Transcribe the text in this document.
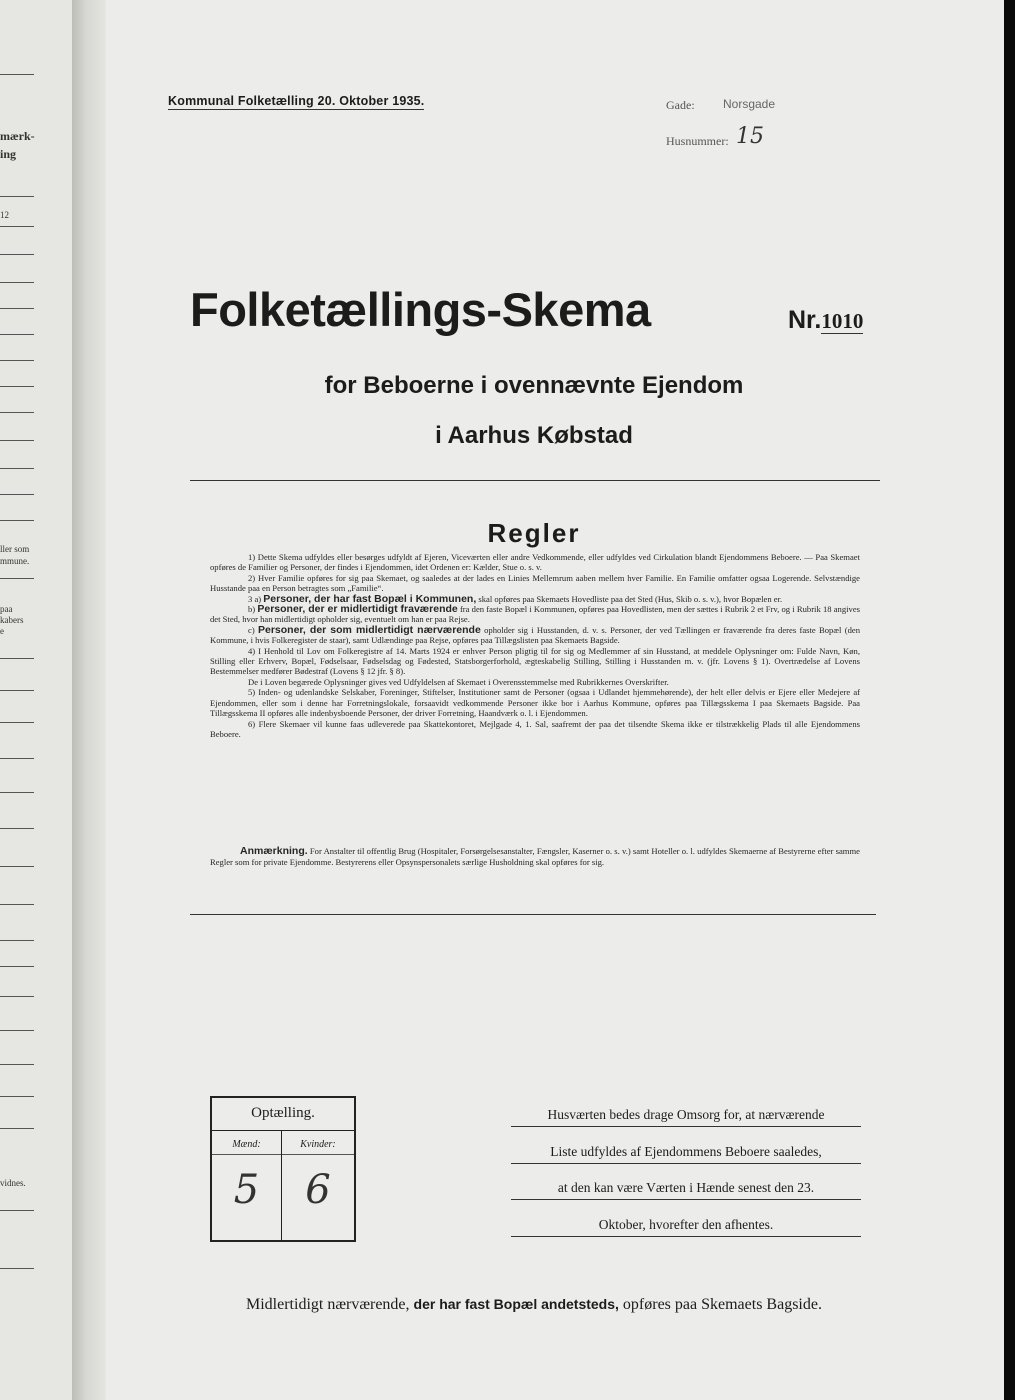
mærk-
ing
12
ller som
mmune.
paa
kabers
e
vidnes.
Kommunal Folketælling 20. Oktober 1935.	Gade: Norsgade
Husnummer: 15
Folketællings-Skema	Nr.1010
for Beboerne i ovennævnte Ejendom
i Aarhus Købstad
Regler

1) Dette Skema udfyldes eller besørges udfyldt af Ejeren, Viceværten eller andre Vedkommende, eller udfyldes ved Cirkulation blandt Ejendommens Beboere. — Paa Skemaet opføres de Familier og Personer, der findes i Ejendommen, idet Ordenen er: Kælder, Stue o. s. v.

2) Hver Familie opføres for sig paa Skemaet, og saaledes at der lades en Linies Mellemrum aaben mellem hver Familie. En Familie omfatter ogsaa Logerende. Selvstændige Husstande paa en Person betragtes som „Familie“.

3 a) Personer, der har fast Bopæl i Kommunen, skal opføres paa Skemaets Hovedliste paa det Sted (Hus, Skib o. s. v.), hvor Bopælen er.

b) Personer, der er midlertidigt fraværende fra den faste Bopæl i Kommunen, opføres paa Hovedlisten, men der sættes i Rubrik 2 et Frv, og i Rubrik 18 angives det Sted, hvor han midlertidigt opholder sig, eventuelt om han er paa Rejse.

c) Personer, der som midlertidigt nærværende opholder sig i Husstanden, d. v. s. Personer, der ved Tællingen er fraværende fra deres faste Bopæl (den Kommune, i hvis Folkeregister de staar), samt Udlændinge paa Rejse, opføres paa Tillægslisten paa Skemaets Bagside.

4) I Henhold til Lov om Folkeregistre af 14. Marts 1924 er enhver Person pligtig til for sig og Medlemmer af sin Husstand, at meddele Oplysninger om: Fulde Navn, Køn, Stilling eller Erhverv, Bopæl, Fødselsaar, Fødselsdag og Fødested, Statsborgerforhold, ægteskabelig Stilling, Stilling i Husstanden m. v. (jfr. Lovens § 1). Overtrædelse af Lovens Bestemmelser medfører Bødestraf (Lovens § 12 jfr. § 8).

De i Loven begærede Oplysninger gives ved Udfyldelsen af Skemaet i Overensstemmelse med Rubrikkernes Overskrifter.

5) Inden- og udenlandske Selskaber, Foreninger, Stiftelser, Institutioner samt de Personer (ogsaa i Udlandet hjemmehørende), der helt eller delvis er Ejere eller Medejere af Ejendommen, eller som i denne har Forretningslokale, forsaavidt vedkommende Personer ikke bor i Aarhus Kommune, opføres paa Tillægsskema I paa Skemaets Bagside. Paa Tillægsskema II opføres alle indenbysboende Personer, der driver Forretning, Haandværk o. l. i Ejendommen.

6) Flere Skemaer vil kunne faas udleverede paa Skattekontoret, Mejlgade 4, 1. Sal, saafremt der paa det tilsendte Skema ikke er tilstrækkelig Plads til alle Ejendommens Beboere.

Anmærkning. For Anstalter til offentlig Brug (Hospitaler, Forsørgelsesanstalter, Fængsler, Kaserner o. s. v.) samt Hoteller o. l. udfyldes Skemaerne af Bestyrerne efter samme Regler som for private Ejendomme. Bestyrerens eller Opsynspersonalets særlige Husholdning skal opføres for sig.

Optælling.
Mænd:
5
Kvinder:
6
Husværten bedes drage Omsorg for, at nærværende
Liste udfyldes af Ejendommens Beboere saaledes,
at den kan være Værten i Hænde senest den 23.
Oktober, hvorefter den afhentes.
Midlertidigt nærværende, der har fast Bopæl andetsteds, opføres paa Skemaets Bagside.
